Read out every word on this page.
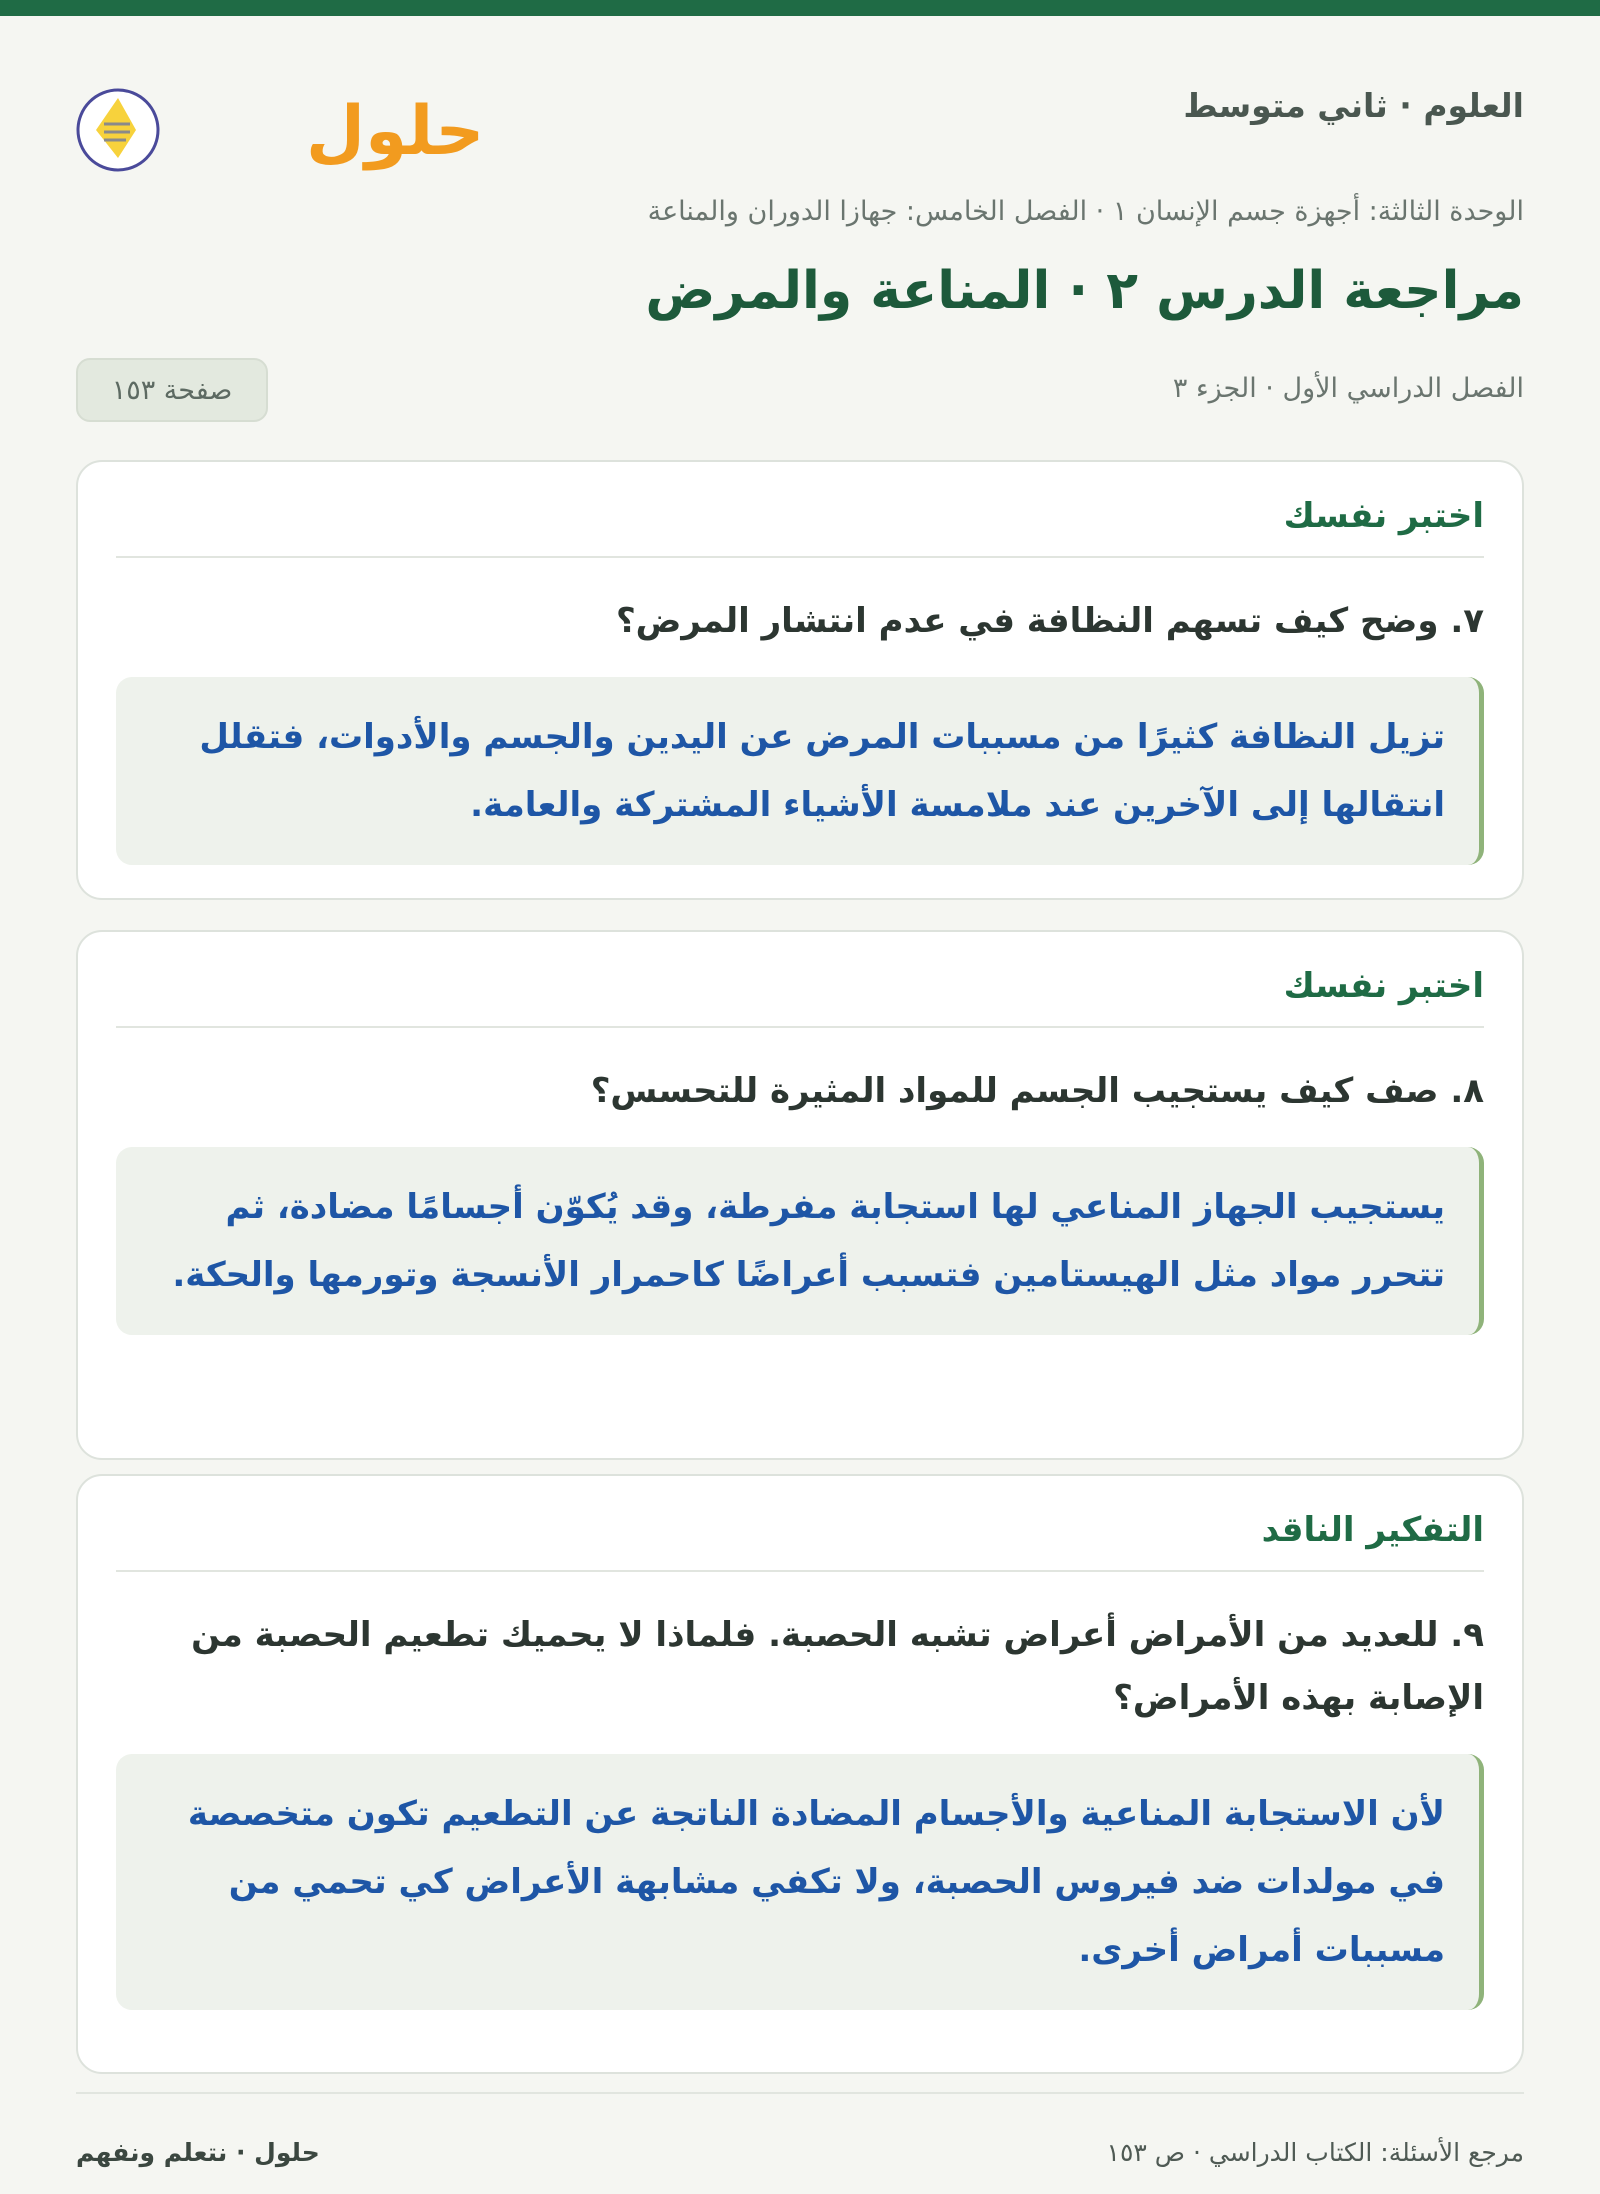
العلوم · ثاني متوسط
حلول
الوحدة الثالثة: أجهزة جسم الإنسان ١ · الفصل الخامس: جهازا الدوران والمناعة
مراجعة الدرس ٢ · المناعة والمرض
الفصل الدراسي الأول · الجزء ٣
صفحة ١٥٣
اختبر نفسك
٧. وضح كيف تسهم النظافة في عدم انتشار المرض؟
تزيل النظافة كثيرًا من مسببات المرض عن اليدين والجسم والأدوات، فتقلل انتقالها إلى الآخرين عند ملامسة الأشياء المشتركة والعامة.
اختبر نفسك
٨. صف كيف يستجيب الجسم للمواد المثيرة للتحسس؟
يستجيب الجهاز المناعي لها استجابة مفرطة، وقد يُكوّن أجسامًا مضادة، ثم تتحرر مواد مثل الهيستامين فتسبب أعراضًا كاحمرار الأنسجة وتورمها والحكة.
التفكير الناقد
٩. للعديد من الأمراض أعراض تشبه الحصبة. فلماذا لا يحميك تطعيم الحصبة من الإصابة بهذه الأمراض؟
لأن الاستجابة المناعية والأجسام المضادة الناتجة عن التطعيم تكون متخصصة في مولدات ضد فيروس الحصبة، ولا تكفي مشابهة الأعراض كي تحمي من مسببات أمراض أخرى.
مرجع الأسئلة: الكتاب الدراسي · ص ١٥٣
حلول · نتعلم ونفهم
